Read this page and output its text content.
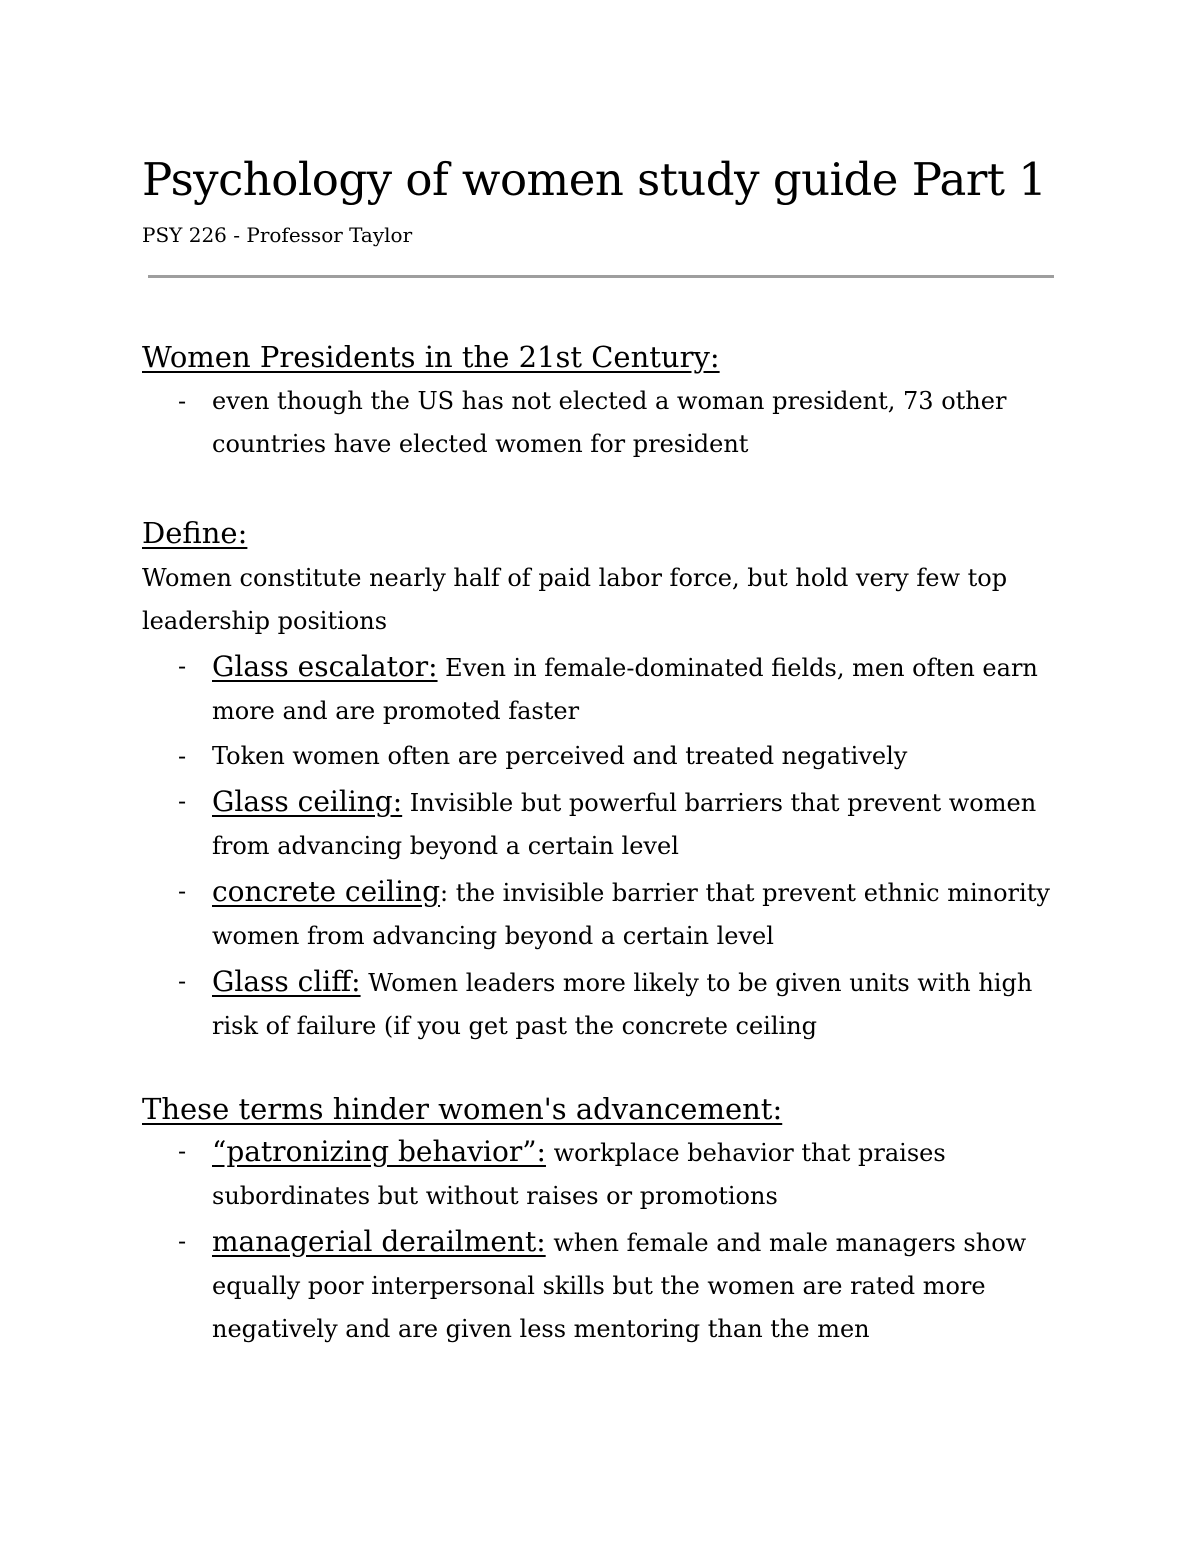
Psychology of women study guide Part 1
PSY 226 - Professor Taylor
Women Presidents in the 21st Century:
- even though the US has not elected a woman president, 73 other countries have elected women for president
Define:
Women constitute nearly half of paid labor force, but hold very few top leadership positions
- Glass escalator: Even in female-dominated fields, men often earn more and are promoted faster
- Token women often are perceived and treated negatively
- Glass ceiling: Invisible but powerful barriers that prevent women from advancing beyond a certain level
- concrete ceiling: the invisible barrier that prevent ethnic minority women from advancing beyond a certain level
- Glass cliff: Women leaders more likely to be given units with high risk of failure (if you get past the concrete ceiling
These terms hinder women's advancement:
- “patronizing behavior”: workplace behavior that praises subordinates but without raises or promotions
- managerial derailment: when female and male managers show equally poor interpersonal skills but the women are rated more negatively and are given less mentoring than the men
